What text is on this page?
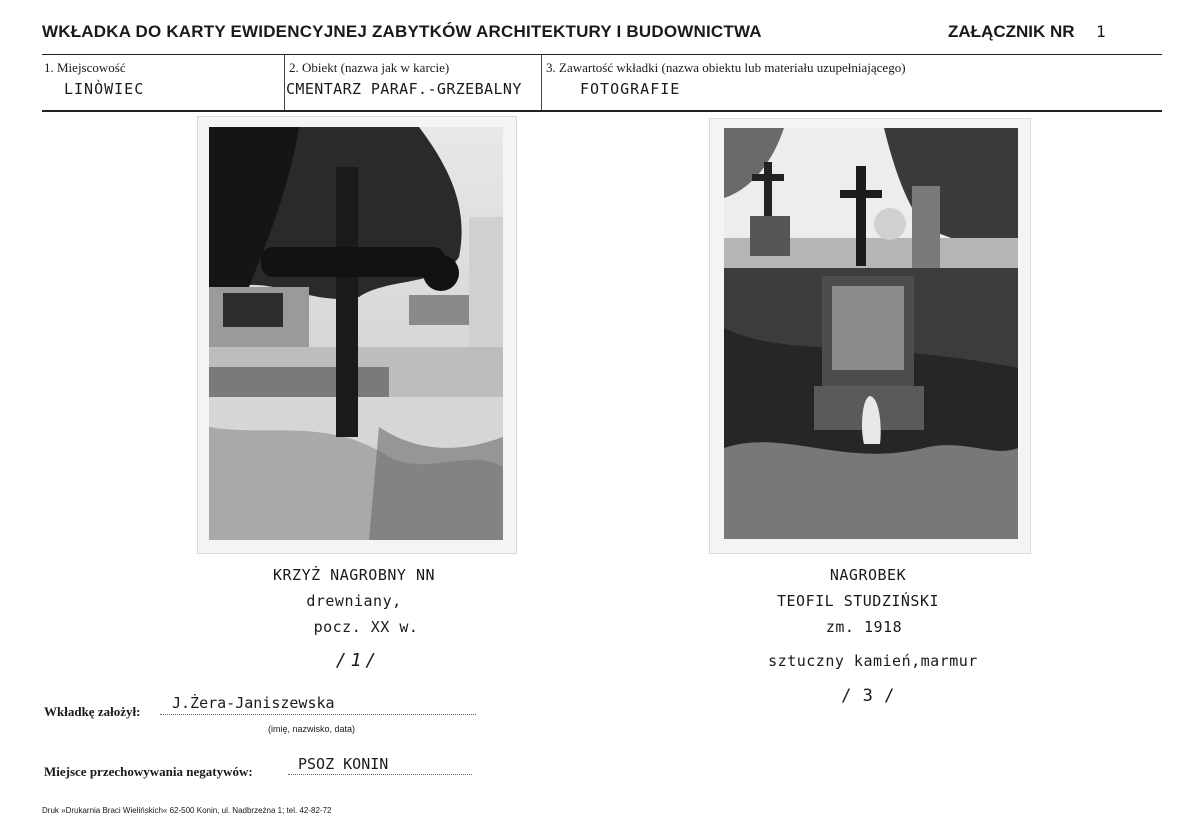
WKŁADKA DO KARTY EWIDENCYJNEJ ZABYTKÓW ARCHITEKTURY I BUDOWNICTWA	ZAŁĄCZNIK NR 1
1. Miejscowość
LINÒWIEC
2. Obiekt (nazwa jak w karcie)
CMENTARZ PARAF.-GRZEBALNY
3. Zawartość wkładki (nazwa obiektu lub materiału uzupełniającego)
FOTOGRAFIE
KRZYŻ NAGROBNY NN
drewniany,
pocz. XX w.
/1/
NAGROBEK
TEOFIL STUDZIŃSKI
zm. 1918
sztuczny kamień,marmur
/ 3 /
Wkładkę założył: J.Żera-Janiszewska
(imię, nazwisko, data)
Miejsce przechowywania negatywów:	PSOZ KONIN
Druk »Drukarnia Braci Wielińskich« 62-500 Konin, ul. Nadbrzeżna 1; tel. 42-82-72
